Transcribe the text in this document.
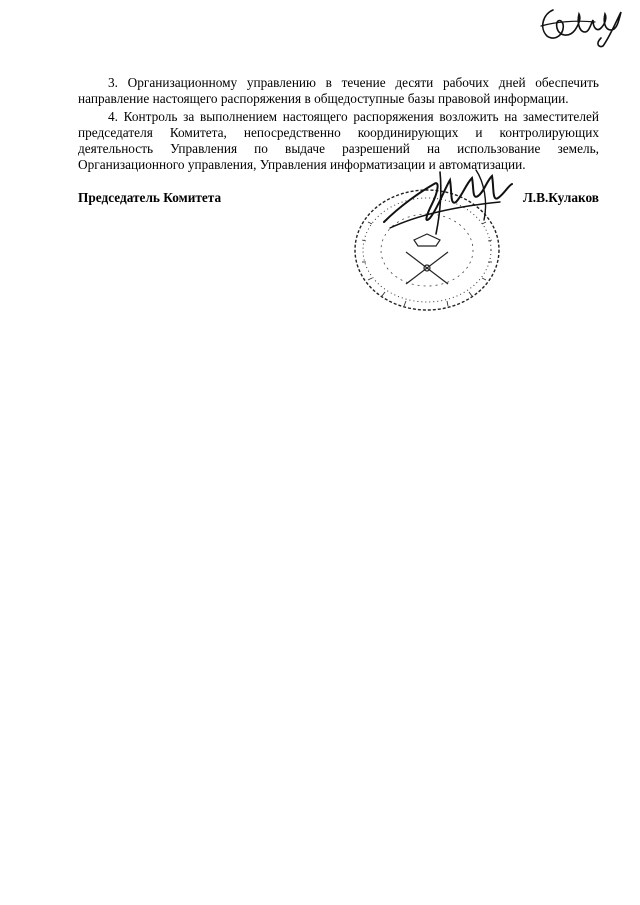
3. Организационному управлению в течение десяти рабочих дней обеспечить направление настоящего распоряжения в общедоступные базы правовой информации.

4. Контроль за выполнением настоящего распоряжения возложить на заместителей председателя Комитета, непосредственно координирующих и контролирующих деятельность Управления по выдаче разрешений на использование земель, Организационного управления, Управления информатизации и автоматизации.

Председатель Комитета	Л.В.Кулаков
